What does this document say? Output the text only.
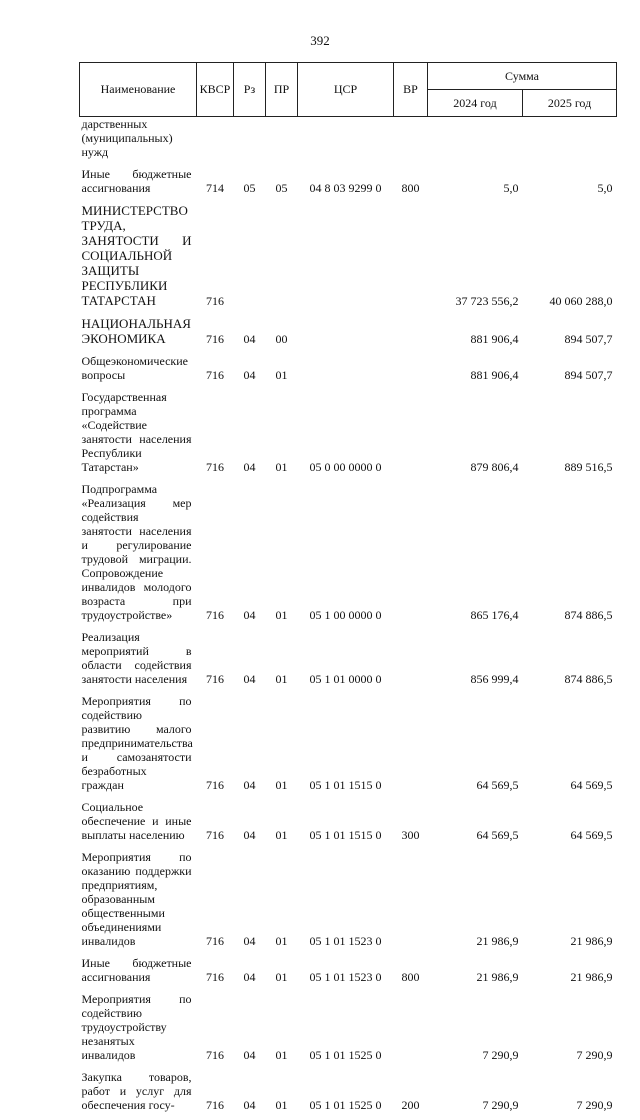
392
Наименование	КВСР	Рз	ПР	ЦСР	ВР	Сумма	
						2024 год	2025 год
дарственных (муниципальных) нужд							
Иные бюджетные ассигнования	714	05	05	04 8 03 9299 0	800	5,0	5,0
МИНИСТЕРСТВО ТРУДА, ЗАНЯТОСТИ И СОЦИАЛЬНОЙ ЗАЩИТЫ РЕСПУБЛИКИ ТАТАРСТАН	716					37 723 556,2	40 060 288,0
НАЦИОНАЛЬНАЯ ЭКОНОМИКА	716	04	00			881 906,4	894 507,7
Общеэкономические вопросы	716	04	01			881 906,4	894 507,7
Государственная программа «Содействие занятости населения Республики Татарстан»	716	04	01	05 0 00 0000 0		879 806,4	889 516,5
Подпрограмма «Реализация мер содействия занятости населения и регулирование трудовой миграции. Сопровождение инвалидов молодого возраста при трудоустройстве»	716	04	01	05 1 00 0000 0		865 176,4	874 886,5
Реализация мероприятий в области содействия занятости населения	716	04	01	05 1 01 0000 0		856 999,4	874 886,5
Мероприятия по содействию развитию малого предпринимательства и самозанятости безработных граждан	716	04	01	05 1 01 1515 0		64 569,5	64 569,5
Социальное обеспечение и иные выплаты населению	716	04	01	05 1 01 1515 0	300	64 569,5	64 569,5
Мероприятия по оказанию поддержки предприятиям, образованным общественными объединениями инвалидов	716	04	01	05 1 01 1523 0		21 986,9	21 986,9
Иные бюджетные ассигнования	716	04	01	05 1 01 1523 0	800	21 986,9	21 986,9
Мероприятия по содействию трудоустройству незанятых инвалидов	716	04	01	05 1 01 1525 0		7 290,9	7 290,9
Закупка товаров, работ и услуг для обеспечения госу-	716	04	01	05 1 01 1525 0	200	7 290,9	7 290,9
